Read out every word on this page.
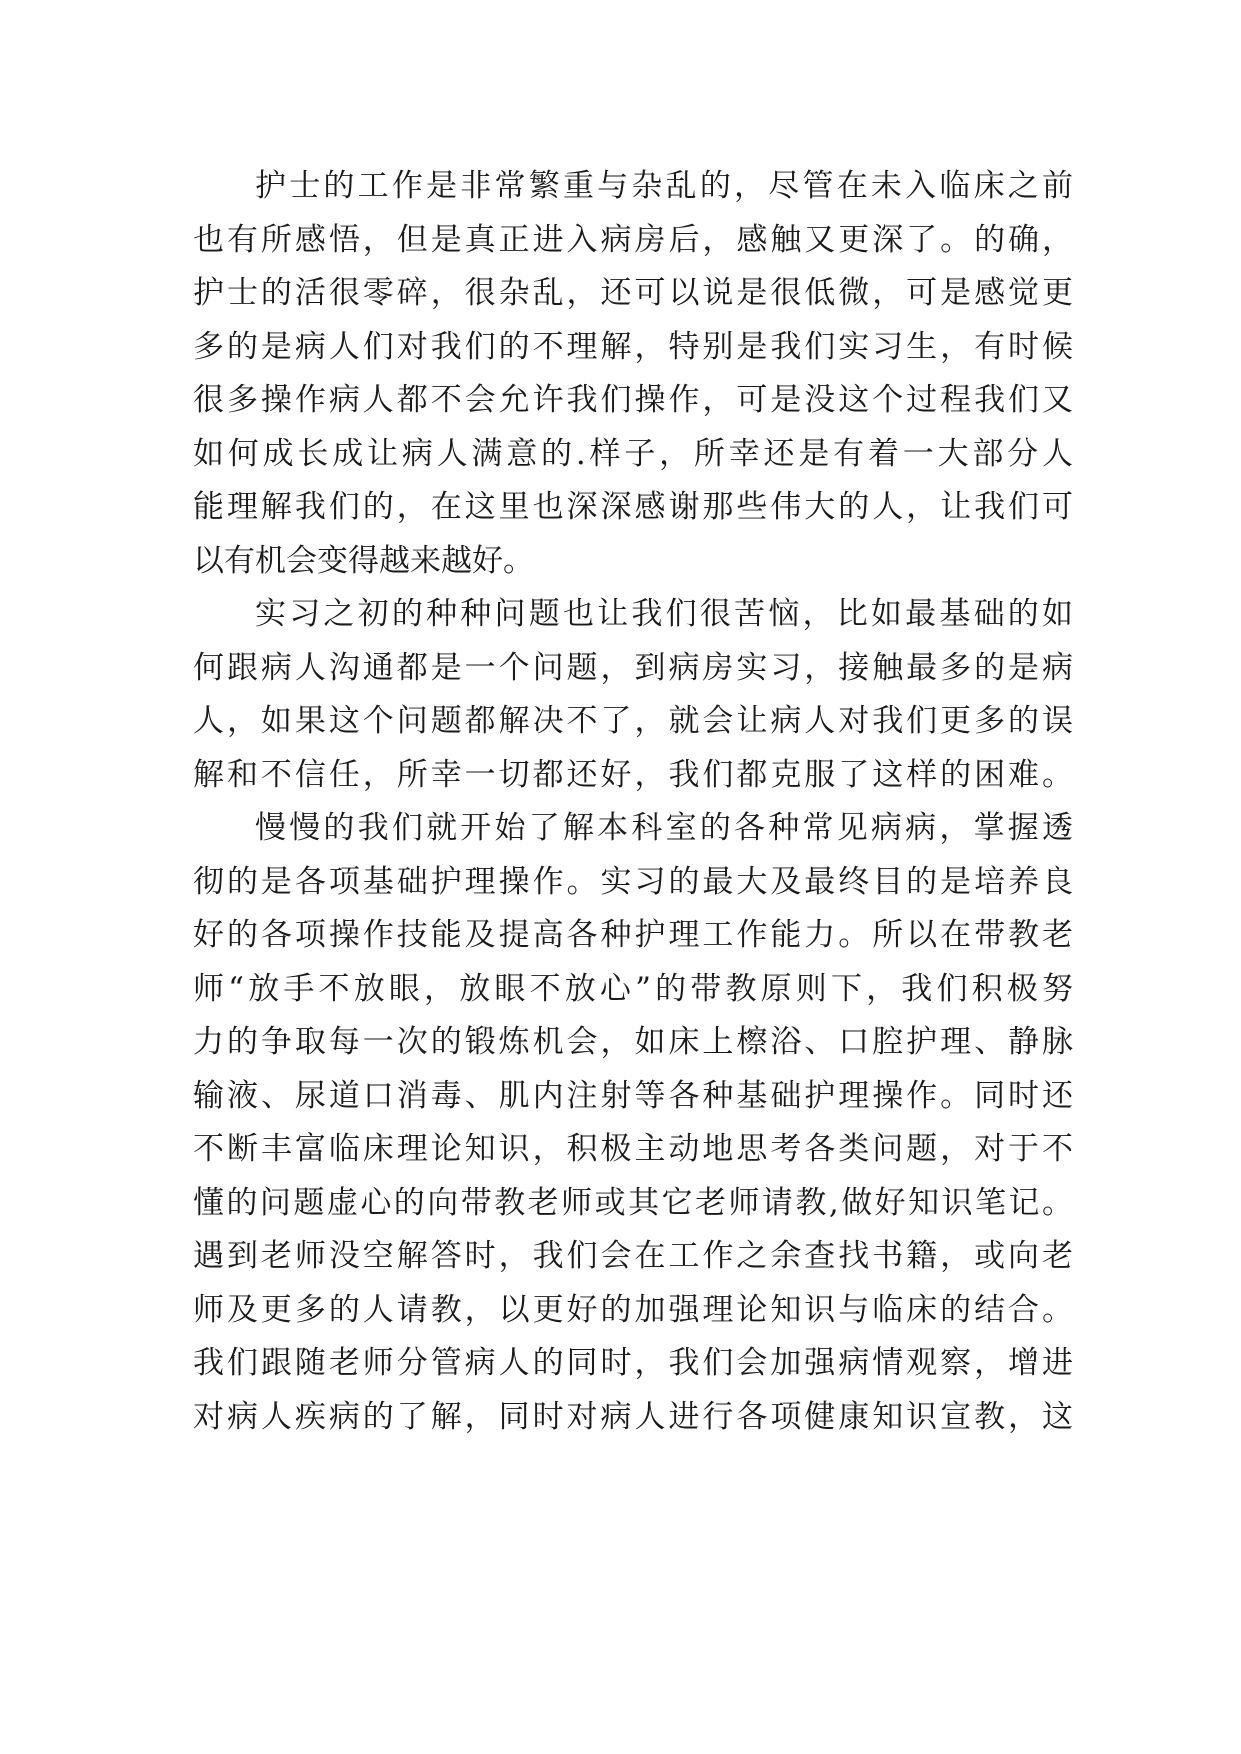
护士的工作是非常繁重与杂乱的，尽管在未入临床之前
也有所感悟，但是真正进入病房后，感触又更深了。的确，
护士的活很零碎，很杂乱，还可以说是很低微，可是感觉更
多的是病人们对我们的不理解，特别是我们实习生，有时候
很多操作病人都不会允许我们操作，可是没这个过程我们又
如何成长成让病人满意的.样子，所幸还是有着一大部分人
能理解我们的，在这里也深深感谢那些伟大的人，让我们可
以有机会变得越来越好。
实习之初的种种问题也让我们很苦恼，比如最基础的如
何跟病人沟通都是一个问题，到病房实习，接触最多的是病
人，如果这个问题都解决不了，就会让病人对我们更多的误
解和不信任，所幸一切都还好，我们都克服了这样的困难。
慢慢的我们就开始了解本科室的各种常见病病，掌握透
彻的是各项基础护理操作。实习的最大及最终目的是培养良
好的各项操作技能及提高各种护理工作能力。所以在带教老
师“放手不放眼，放眼不放心”的带教原则下，我们积极努
力的争取每一次的锻炼机会，如床上檫浴、口腔护理、静脉
输液、尿道口消毒、肌内注射等各种基础护理操作。同时还
不断丰富临床理论知识，积极主动地思考各类问题，对于不
懂的问题虚心的向带教老师或其它老师请教,做好知识笔记。
遇到老师没空解答时，我们会在工作之余查找书籍，或向老
师及更多的人请教，以更好的加强理论知识与临床的结合。
我们跟随老师分管病人的同时，我们会加强病情观察，增进
对病人疾病的了解，同时对病人进行各项健康知识宣教，这
